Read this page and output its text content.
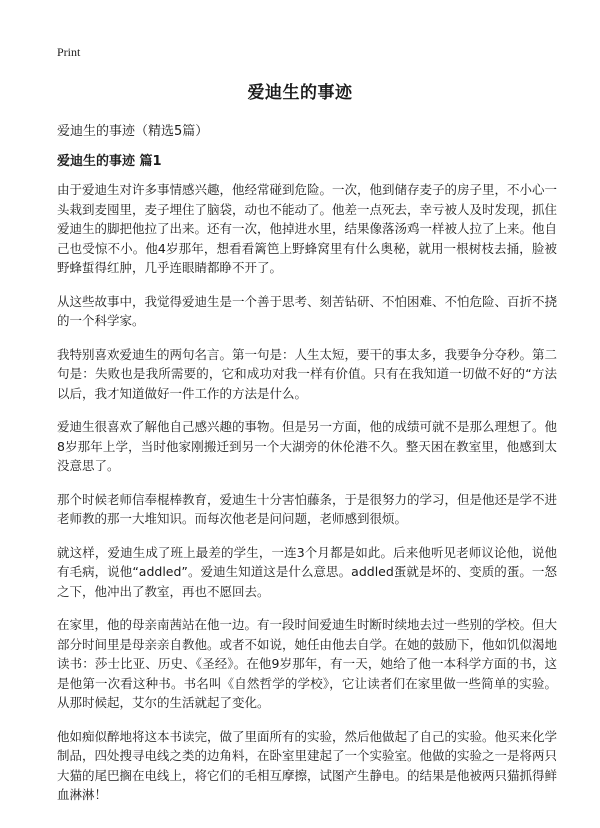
Print
爱迪生的事迹
爱迪生的事迹（精选5篇）
爱迪生的事迹 篇1

由于爱迪生对许多事情感兴趣，他经常碰到危险。一次，他到储存麦子的房子里，不小心一头栽到麦囤里，麦子埋住了脑袋，动也不能动了。他差一点死去，幸亏被人及时发现，抓住爱迪生的脚把他拉了出来。还有一次，他掉进水里，结果像落汤鸡一样被人拉了上来。他自己也受惊不小。他4岁那年，想看看篱笆上野蜂窝里有什么奥秘，就用一根树枝去捅，脸被野蜂蜇得红肿，几乎连眼睛都睁不开了。

从这些故事中，我觉得爱迪生是一个善于思考、刻苦钻研、不怕困难、不怕危险、百折不挠的一个科学家。

我特别喜欢爱迪生的两句名言。第一句是：人生太短，要干的事太多，我要争分夺秒。第二句是：失败也是我所需要的，它和成功对我一样有价值。只有在我知道一切做不好的“方法以后，我才知道做好一件工作的方法是什么。

爱迪生很喜欢了解他自己感兴趣的事物。但是另一方面，他的成绩可就不是那么理想了。他8岁那年上学，当时他家刚搬迁到另一个大湖旁的休伦港不久。整天困在教室里，他感到太没意思了。

那个时候老师信奉棍棒教育，爱迪生十分害怕藤条，于是很努力的学习，但是他还是学不进老师教的那一大堆知识。而每次他老是问问题，老师感到很烦。

就这样，爱迪生成了班上最差的学生，一连3个月都是如此。后来他听见老师议论他，说他有毛病，说他“addled”。爱迪生知道这是什么意思。addled蛋就是坏的、变质的蛋。一怒之下，他冲出了教室，再也不愿回去。

在家里，他的母亲南茜站在他一边。有一段时间爱迪生时断时续地去过一些别的学校。但大部分时间里是母亲亲自教他。或者不如说，她任由他去自学。在她的鼓励下，他如饥似渴地读书：莎士比亚、历史、《圣经》。在他9岁那年，有一天，她给了他一本科学方面的书，这是他第一次看这种书。书名叫《自然哲学的学校》，它让读者们在家里做一些简单的实验。从那时候起，艾尔的生活就起了变化。

他如痴似醉地将这本书读完，做了里面所有的实验，然后他做起了自己的实验。他买来化学制品，四处搜寻电线之类的边角料，在卧室里建起了一个实验室。他做的实验之一是将两只大猫的尾巴搁在电线上，将它们的毛相互摩擦，试图产生静电。的结果是他被两只猫抓得鲜血淋淋！
